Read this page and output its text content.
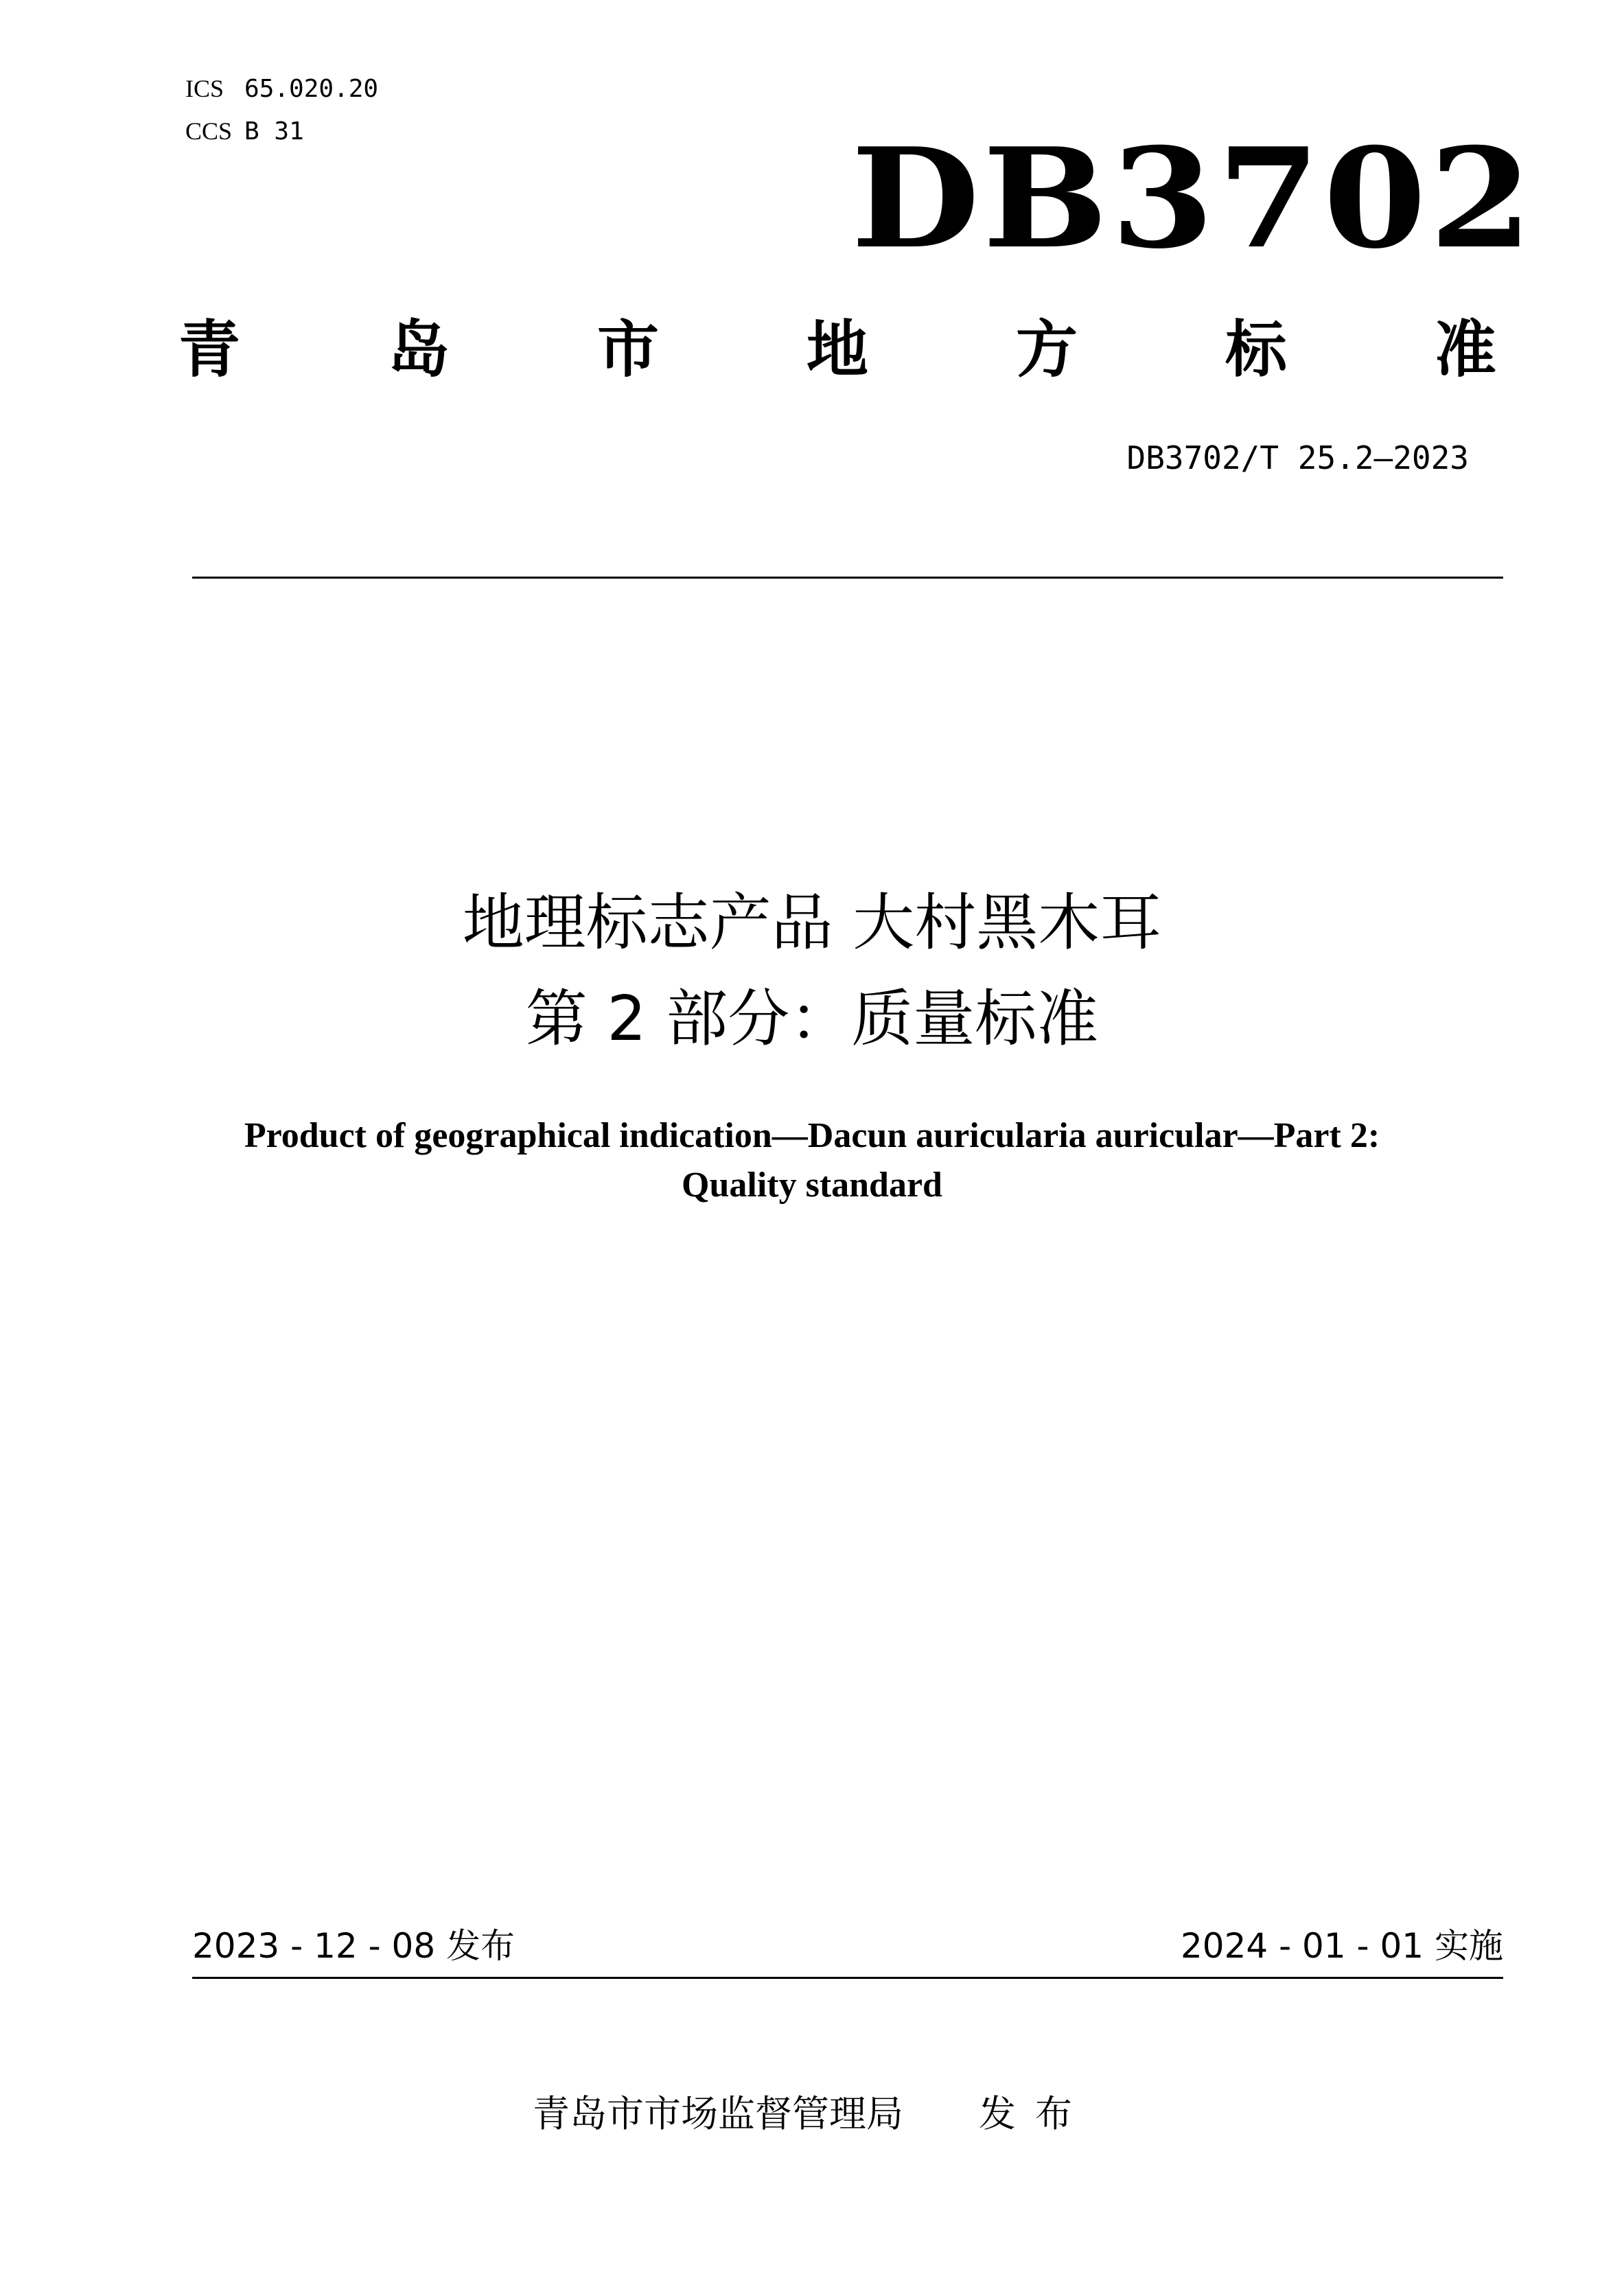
ICS 65.020.20
CCS B 31	DB3702
青 岛 市 地 方 标 准
DB3702/T 25.2—2023
地理标志产品 大村黑木耳
第 2 部分：质量标准
Product of geographical indication—Dacun auricularia auricular—Part 2:
Quality standard
2023 - 12 - 08 发布	2024 - 01 - 01 实施
青岛市市场监督管理局 发布
